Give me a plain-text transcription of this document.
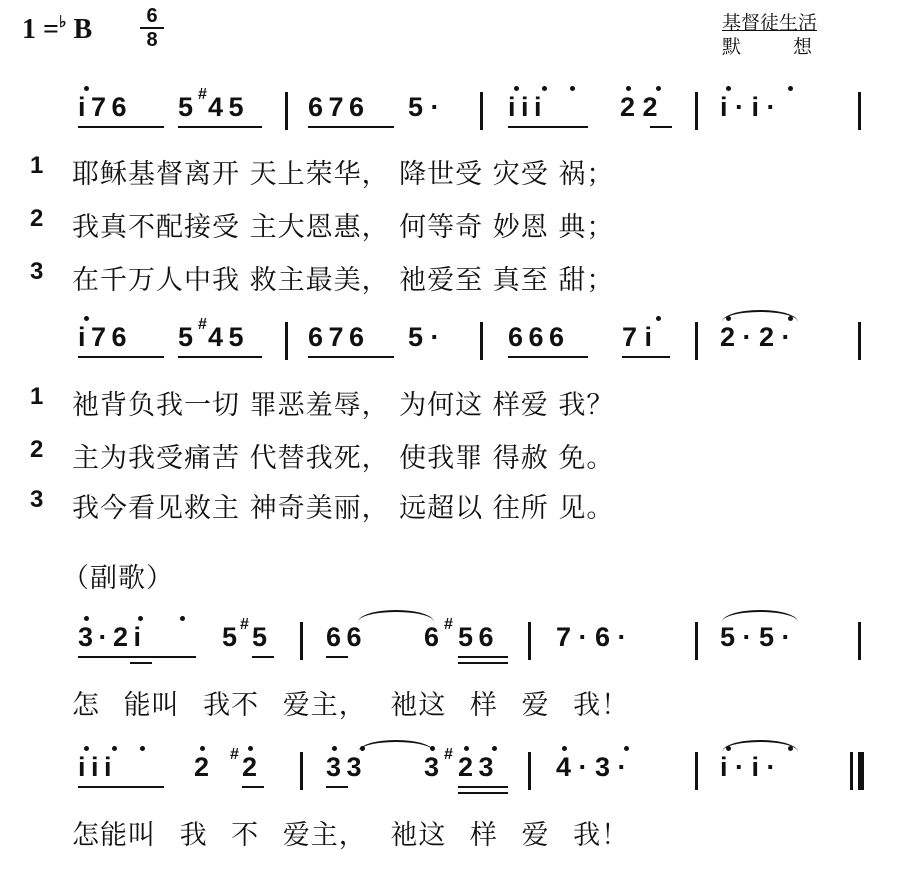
1 =♭ B	6
8
基督徒生活
默想
i 7 6 5 # 4 5 6 7 6 5 ·	i i i	2 2 i · i ·
1 耶稣基督离开 天上荣华， 降世受 灾受 祸；
2 我真不配接受 主大恩惠， 何等奇 妙恩 典；
3 在千万人中我 救主最美， 祂爱至 真至 甜；
i 7 6 5 # 4 5 6 7 6 5 ·	6 6 6 7 i	2 · 2 ·
1 祂背负我一切 罪恶羞辱， 为何这 样爱 我？
2 主为我受痛苦 代替我死， 使我罪 得赦 免。
3 我今看见救主 神奇美丽， 远超以 往所 见。
（副歌）
3 · 2 i	5 # 5 6 6 6 # 5 6 7 · 6 ·	5 · 5 ·
怎 能叫 我不 爱主， 祂这 样 爱 我！
i i i	2 # 2	3 3 3 # 2 3 4 · 3 ·	i · i ·
怎能叫 我 不 爱主， 祂这 样 爱 我！
